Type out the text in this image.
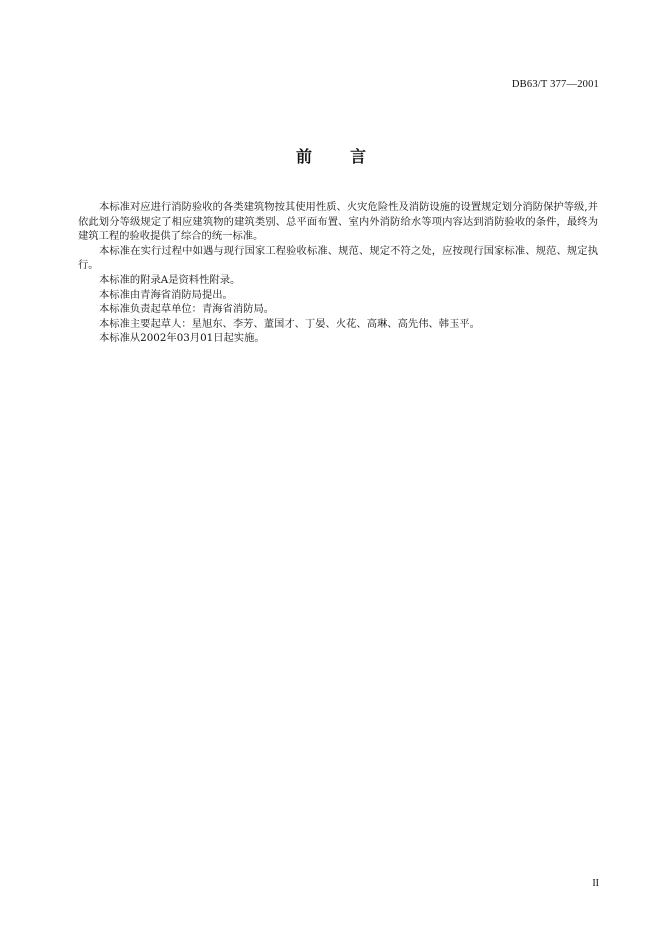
DB63/T 377—2001
前 言

本标准对应进行消防验收的各类建筑物按其使用性质、火灾危险性及消防设施的设置规定划分消防保护等级,并依此划分等级规定了相应建筑物的建筑类别、总平面布置、室内外消防给水等项内容达到消防验收的条件，最终为建筑工程的验收提供了综合的统一标准。

本标准在实行过程中如遇与现行国家工程验收标准、规范、规定不符之处，应按现行国家标准、规范、规定执行。

本标准的附录A是资料性附录。

本标准由青海省消防局提出。

本标准负责起草单位：青海省消防局。

本标准主要起草人：星旭东、李芳、董国才、丁晏、火花、高琳、高先伟、韩玉平。

本标准从2002年03月01日起实施。

II
